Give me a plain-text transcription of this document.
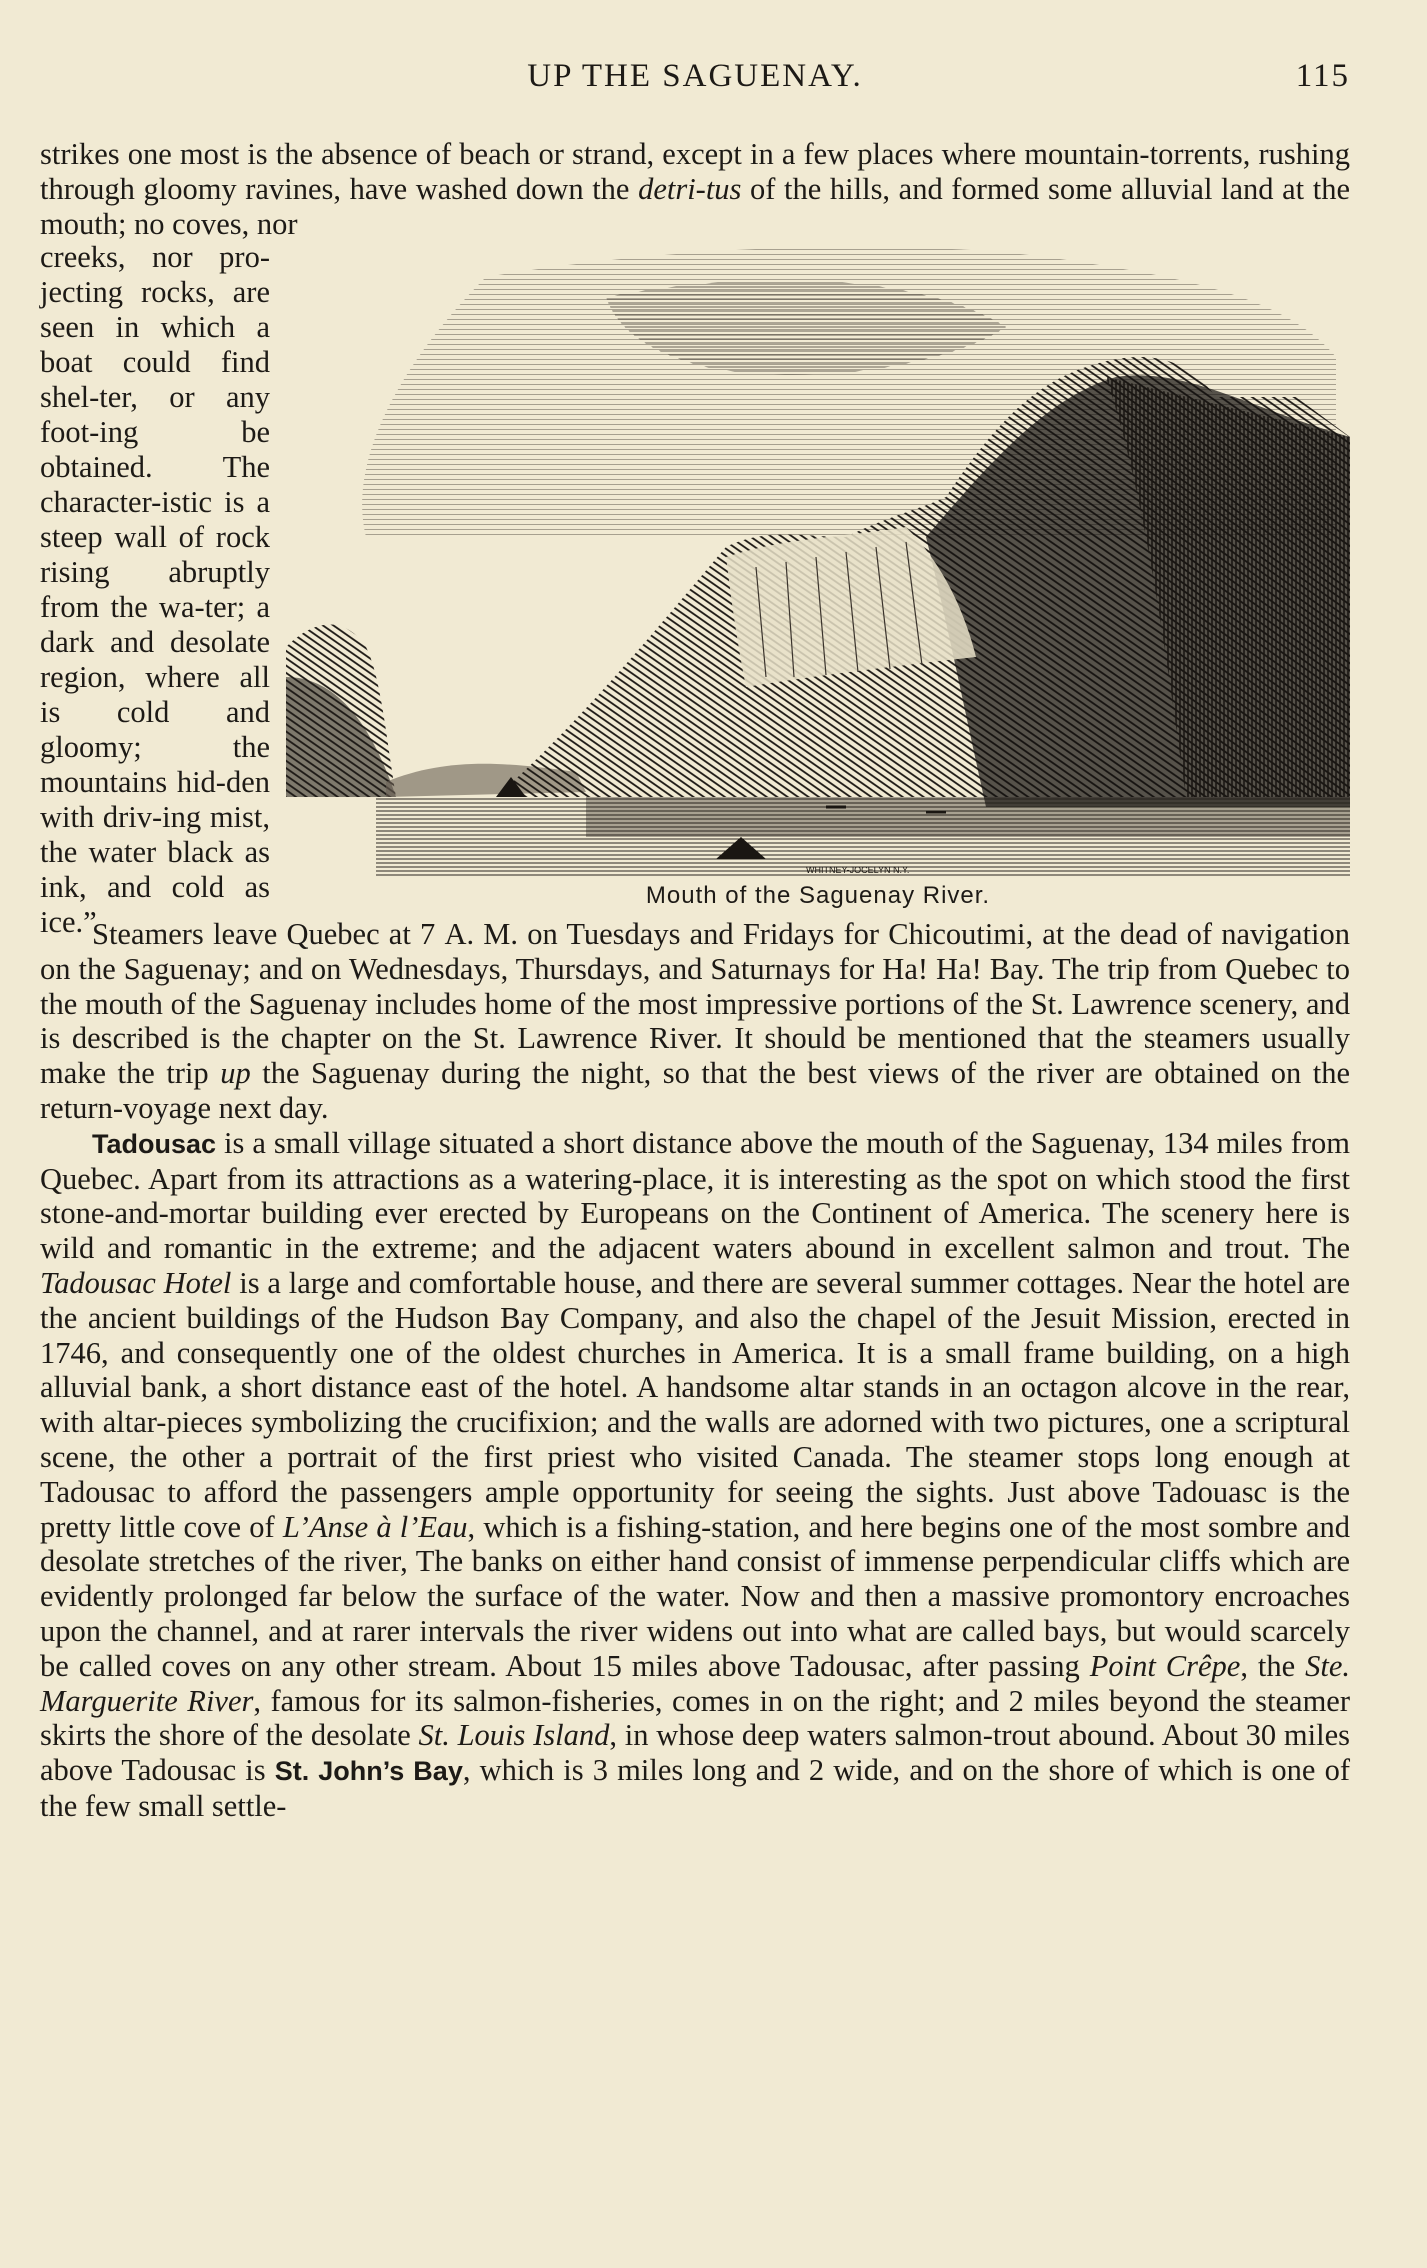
UP THE SAGUENAY.	115

strikes one most is the absence of beach or strand, except in a few places where mountain-torrents, rushing through gloomy ravines, have washed down the detri-tus of the hills, and formed some alluvial land at the mouth; no coves, nor

creeks, nor pro-jecting rocks, are seen in which a boat could find shel-ter, or any foot-ing be obtained. The character-istic is a steep wall of rock rising abruptly from the wa-ter; a dark and desolate region, where all is cold and gloomy; the mountains hid-den with driv-ing mist, the water black as ink, and cold as ice.”
WHITNEY-JOCELYN N.Y.
Mouth of the Saguenay River.

Steamers leave Quebec at 7 A. M. on Tuesdays and Fridays for Chicoutimi, at the dead of navigation on the Saguenay; and on Wednesdays, Thursdays, and Saturnays for Ha! Ha! Bay. The trip from Quebec to the mouth of the Saguenay includes home of the most impressive portions of the St. Lawrence scenery, and is described is the chapter on the St. Lawrence River. It should be mentioned that the steamers usually make the trip up the Saguenay during the night, so that the best views of the river are obtained on the return-voyage next day.

Tadousac is a small village situated a short distance above the mouth of the Saguenay, 134 miles from Quebec. Apart from its attractions as a watering-place, it is interesting as the spot on which stood the first stone-and-mortar building ever erected by Europeans on the Continent of America. The scenery here is wild and romantic in the extreme; and the adjacent waters abound in excellent salmon and trout. The Tadousac Hotel is a large and comfortable house, and there are several summer cottages. Near the hotel are the ancient buildings of the Hudson Bay Company, and also the chapel of the Jesuit Mission, erected in 1746, and consequently one of the oldest churches in America. It is a small frame building, on a high alluvial bank, a short distance east of the hotel. A handsome altar stands in an octagon alcove in the rear, with altar-pieces symbolizing the crucifixion; and the walls are adorned with two pictures, one a scriptural scene, the other a portrait of the first priest who visited Canada. The steamer stops long enough at Tadousac to afford the passengers ample opportunity for seeing the sights. Just above Tadouasc is the pretty little cove of L’Anse à l’Eau, which is a fishing-station, and here begins one of the most sombre and desolate stretches of the river, The banks on either hand consist of immense perpendicular cliffs which are evidently prolonged far below the surface of the water. Now and then a massive promontory encroaches upon the channel, and at rarer intervals the river widens out into what are called bays, but would scarcely be called coves on any other stream. About 15 miles above Tadousac, after passing Point Crêpe, the Ste. Marguerite River, famous for its salmon-fisheries, comes in on the right; and 2 miles beyond the steamer skirts the shore of the desolate St. Louis Island, in whose deep waters salmon-trout abound. About 30 miles above Tadousac is St. John’s Bay, which is 3 miles long and 2 wide, and on the shore of which is one of the few small settle-
